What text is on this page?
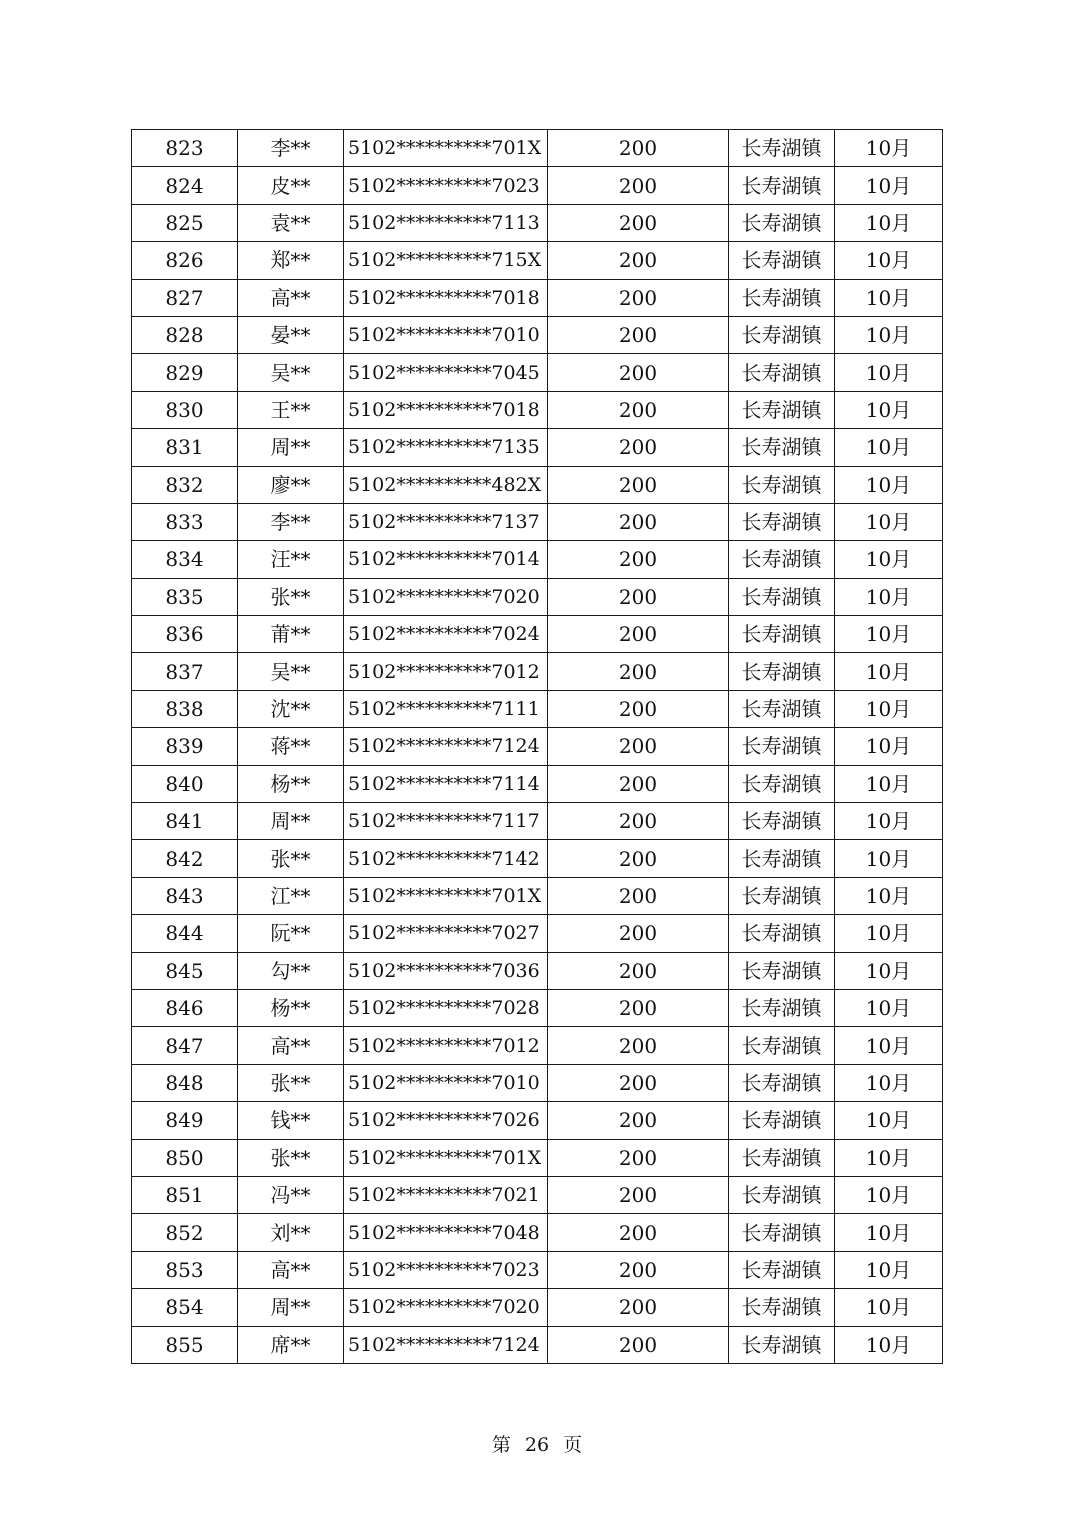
823	李**	5102**********701X	200	长寿湖镇	10月
824	皮**	5102**********7023	200	长寿湖镇	10月
825	袁**	5102**********7113	200	长寿湖镇	10月
826	郑**	5102**********715X	200	长寿湖镇	10月
827	高**	5102**********7018	200	长寿湖镇	10月
828	晏**	5102**********7010	200	长寿湖镇	10月
829	吴**	5102**********7045	200	长寿湖镇	10月
830	王**	5102**********7018	200	长寿湖镇	10月
831	周**	5102**********7135	200	长寿湖镇	10月
832	廖**	5102**********482X	200	长寿湖镇	10月
833	李**	5102**********7137	200	长寿湖镇	10月
834	汪**	5102**********7014	200	长寿湖镇	10月
835	张**	5102**********7020	200	长寿湖镇	10月
836	莆**	5102**********7024	200	长寿湖镇	10月
837	吴**	5102**********7012	200	长寿湖镇	10月
838	沈**	5102**********7111	200	长寿湖镇	10月
839	蒋**	5102**********7124	200	长寿湖镇	10月
840	杨**	5102**********7114	200	长寿湖镇	10月
841	周**	5102**********7117	200	长寿湖镇	10月
842	张**	5102**********7142	200	长寿湖镇	10月
843	江**	5102**********701X	200	长寿湖镇	10月
844	阮**	5102**********7027	200	长寿湖镇	10月
845	勾**	5102**********7036	200	长寿湖镇	10月
846	杨**	5102**********7028	200	长寿湖镇	10月
847	高**	5102**********7012	200	长寿湖镇	10月
848	张**	5102**********7010	200	长寿湖镇	10月
849	钱**	5102**********7026	200	长寿湖镇	10月
850	张**	5102**********701X	200	长寿湖镇	10月
851	冯**	5102**********7021	200	长寿湖镇	10月
852	刘**	5102**********7048	200	长寿湖镇	10月
853	高**	5102**********7023	200	长寿湖镇	10月
854	周**	5102**********7020	200	长寿湖镇	10月
855	席**	5102**********7124	200	长寿湖镇	10月
第 26 页
